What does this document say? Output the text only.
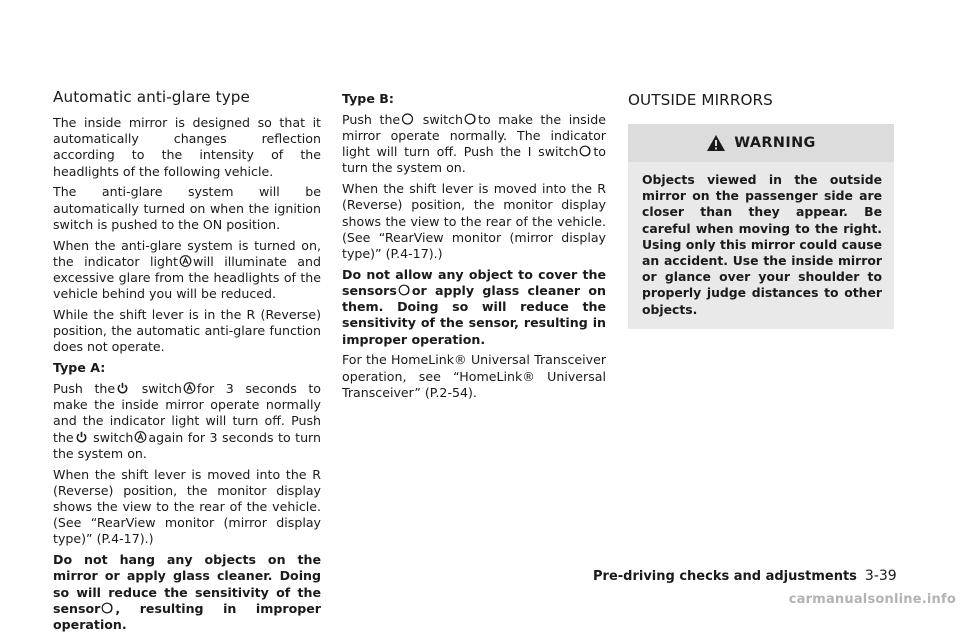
Automatic anti-glare type

The inside mirror is designed so that it automatically changes reflection according to the intensity of the headlights of the following vehicle.

The anti-glare system will be automatically turned on when the ignition switch is pushed to the ON position.

When the anti-glare system is turned on, the indicator light will illuminate and excessive glare from the headlights of the vehicle behind you will be reduced.

While the shift lever is in the R (Reverse) position, the automatic anti-glare function does not operate.

Type A:

Push the switch for 3 seconds to make the inside mirror operate normally and the indicator light will turn off. Push the switch again for 3 seconds to turn the system on.

When the shift lever is moved into the R (Reverse) position, the monitor display shows the view to the rear of the vehicle. (See “RearView monitor (mirror display type)” (P.4-17).)

Do not hang any objects on the mirror or apply glass cleaner. Doing so will reduce the sensitivity of the sensor , resulting in improper operation.

Type B:

Push the switch to make the inside mirror operate normally. The indicator light will turn off. Push the I switch to turn the system on.

When the shift lever is moved into the R (Reverse) position, the monitor display shows the view to the rear of the vehicle. (See “RearView monitor (mirror display type)” (P.4-17).)

Do not allow any object to cover the sensors or apply glass cleaner on them. Doing so will reduce the sensitivity of the sensor, resulting in improper operation.

For the HomeLink® Universal Transceiver operation, see “HomeLink® Universal Transceiver” (P.2-54).

OUTSIDE MIRRORS
WARNING
Objects viewed in the outside mirror on the passenger side are closer than they appear. Be careful when moving to the right. Using only this mirror could cause an accident. Use the inside mirror or glance over your shoulder to properly judge distances to other objects.
Pre-driving checks and adjustments 3-39
carmanualsonline.info
